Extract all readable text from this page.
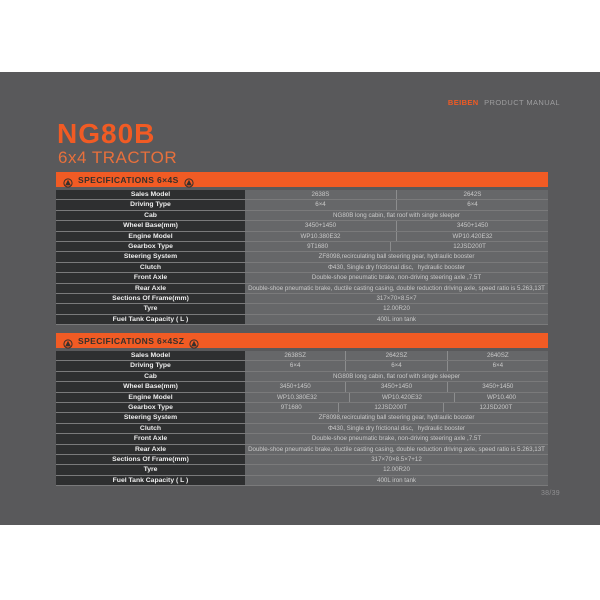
BEIBEN PRODUCT MANUAL
NG80B
6x4 TRACTOR
SPECIFICATIONS 6×4S
Sales Model	2638S	2642S
Driving Type	6×4	6×4
Cab	NG80B long cabin, flat roof with single sleeper
Wheel Base(mm)	3450+1450	3450+1450
Engine Model	WP10.380E32	WP10.420E32
Gearbox Type	9T1680	12JSD200T
Steering System	ZF8098,recirculating ball steering gear, hydraulic booster
Clutch	Φ430, Single dry frictional disc，hydraulic booster
Front Axle	Double-shoe pneumatic brake, non-driving steering axle ,7.5T
Rear Axle	Double-shoe pneumatic brake, ductile casting casing, double reduction driving axle, speed ratio is 5.263,13T
Sections Of Frame(mm)	317×70×8.5×7
Tyre	12.00R20
Fuel Tank Capacity ( L )	400L iron tank
SPECIFICATIONS 6×4SZ
Sales Model	2638SZ	2642SZ	2640SZ
Driving Type	6×4	6×4	6×4
Cab	NG80B long cabin, flat roof with single sleeper
Wheel Base(mm)	3450+1450	3450+1450	3450+1450
Engine Model	WP10.380E32	WP10.420E32	WP10.400
Gearbox Type	9T1680	12JSD200T	12JSD200T
Steering System	ZF8098,recirculating ball steering gear, hydraulic booster
Clutch	Φ430, Single dry frictional disc，hydraulic booster
Front Axle	Double-shoe pneumatic brake, non-driving steering axle ,7.5T
Rear Axle	Double-shoe pneumatic brake, ductile casting casing, double reduction driving axle, speed ratio is 5.263,13T
Sections Of Frame(mm)	317×70×8.5×7+12
Tyre	12.00R20
Fuel Tank Capacity ( L )	400L iron tank
38/39
